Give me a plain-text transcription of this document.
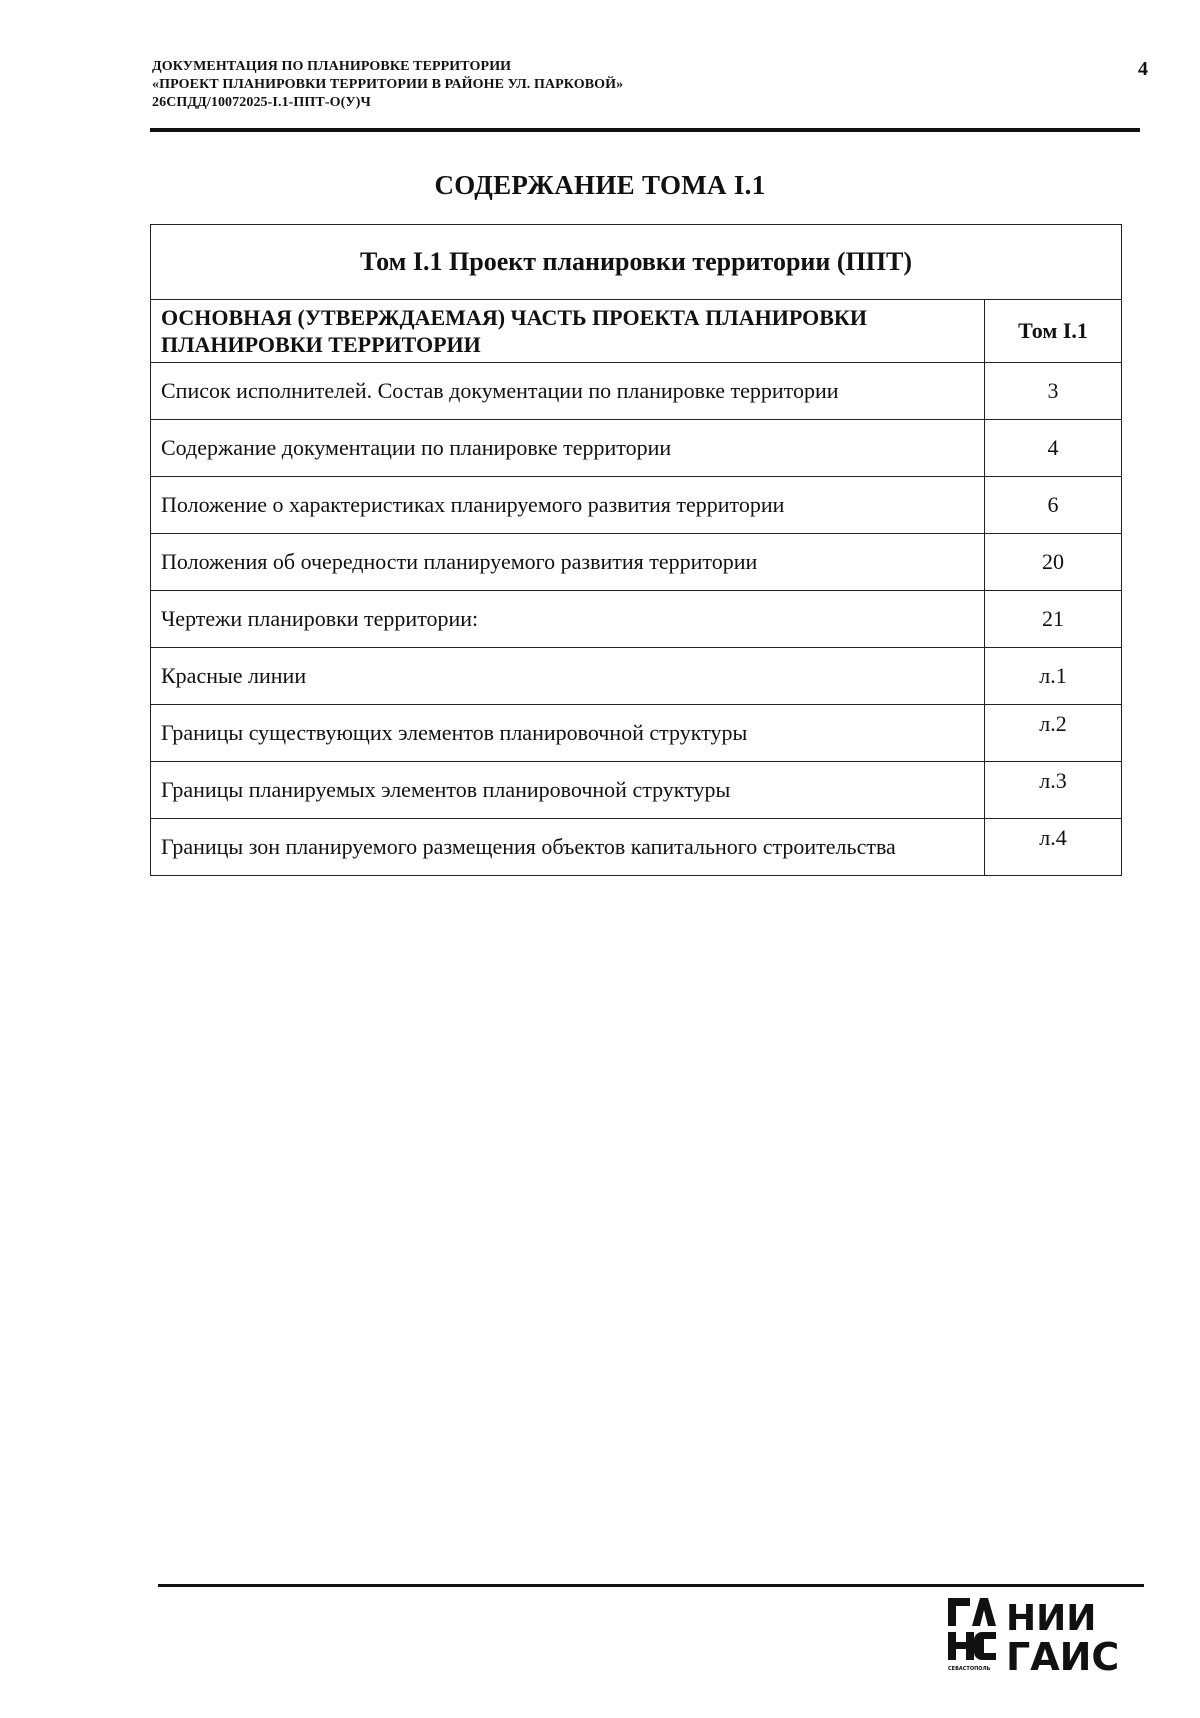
ДОКУМЕНТАЦИЯ ПО ПЛАНИРОВКЕ ТЕРРИТОРИИ
«ПРОЕКТ ПЛАНИРОВКИ ТЕРРИТОРИИ В РАЙОНЕ УЛ. ПАРКОВОЙ»
26СПДД/10072025-I.1-ППТ-О(У)Ч
4
СОДЕРЖАНИЕ ТОМА I.1
Том I.1 Проект планировки территории (ППТ)	
ОСНОВНАЯ (УТВЕРЖДАЕМАЯ) ЧАСТЬ ПРОЕКТА ПЛАНИРОВКИ ПЛАНИРОВКИ ТЕРРИТОРИИ	Том I.1
Список исполнителей. Состав документации по планировке территории	3
Содержание документации по планировке территории	4
Положение о характеристиках планируемого развития территории	6
Положения об очередности планируемого развития территории	20
Чертежи планировки территории:	21
Красные линии	л.1
Границы существующих элементов планировочной структуры	л.2
Границы планируемых элементов планировочной структуры	л.3
Границы зон планируемого размещения объектов капитального строительства	л.4
СЕВАСТОПОЛЬ
НИИ
ГАИС
